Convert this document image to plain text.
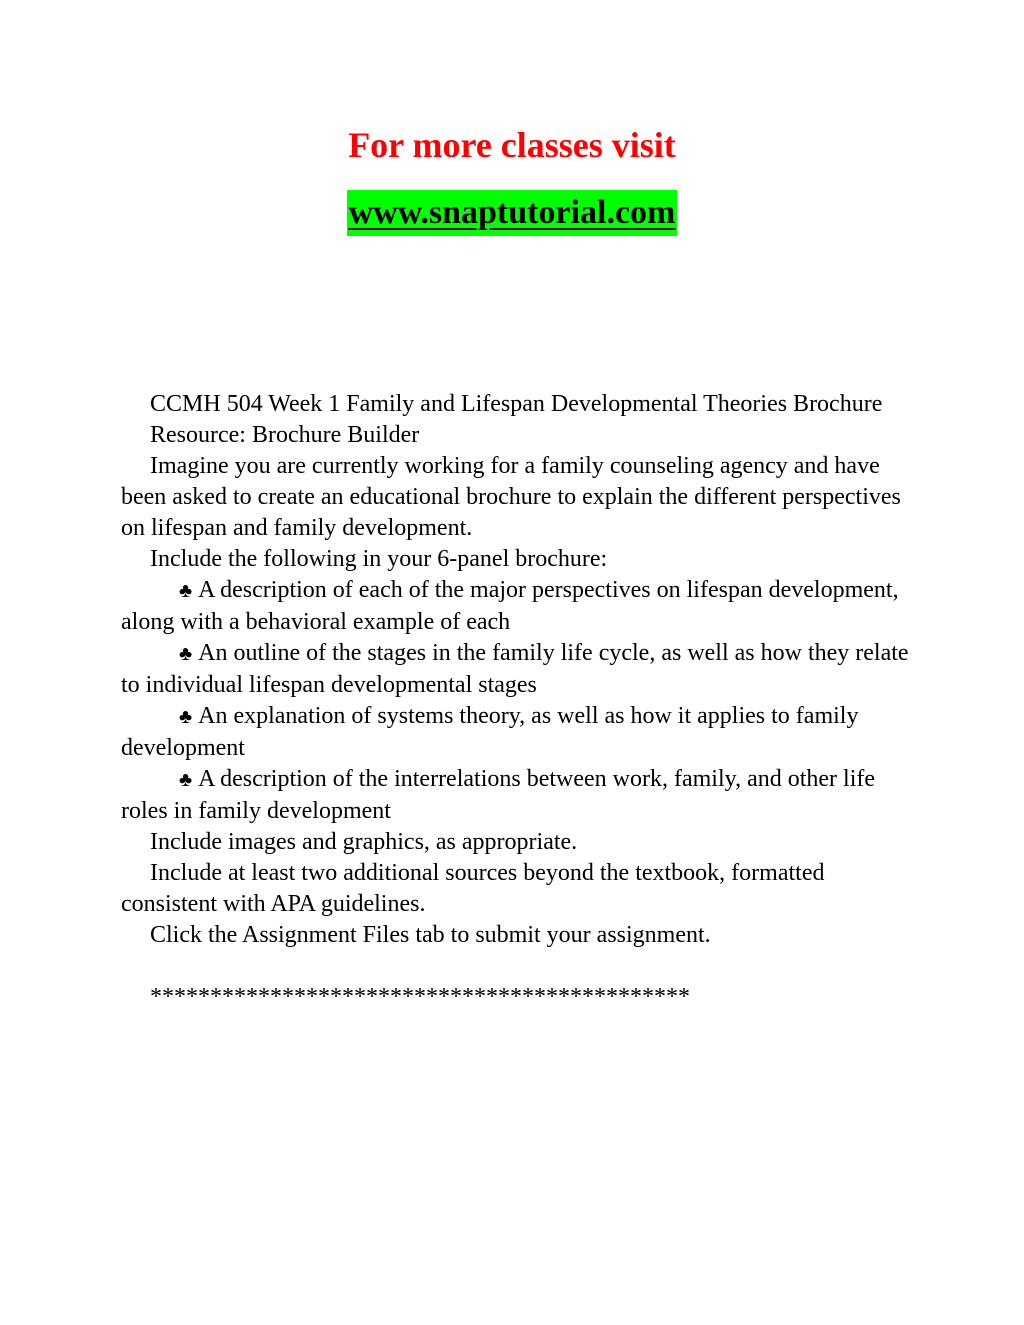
For more classes visit
www.snaptutorial.com

CCMH 504 Week 1 Family and Lifespan Developmental Theories Brochure

Resource: Brochure Builder

Imagine you are currently working for a family counseling agency and have been asked to create an educational brochure to explain the different perspectives on lifespan and family development.

Include the following in your 6-panel brochure:

♣ A description of each of the major perspectives on lifespan development, along with a behavioral example of each

♣ An outline of the stages in the family life cycle, as well as how they relate to individual lifespan developmental stages

♣ An explanation of systems theory, as well as how it applies to family development

♣ A description of the interrelations between work, family, and other life roles in family development

Include images and graphics, as appropriate.

Include at least two additional sources beyond the textbook, formatted consistent with APA guidelines.

Click the Assignment Files tab to submit your assignment.

*********************************************
